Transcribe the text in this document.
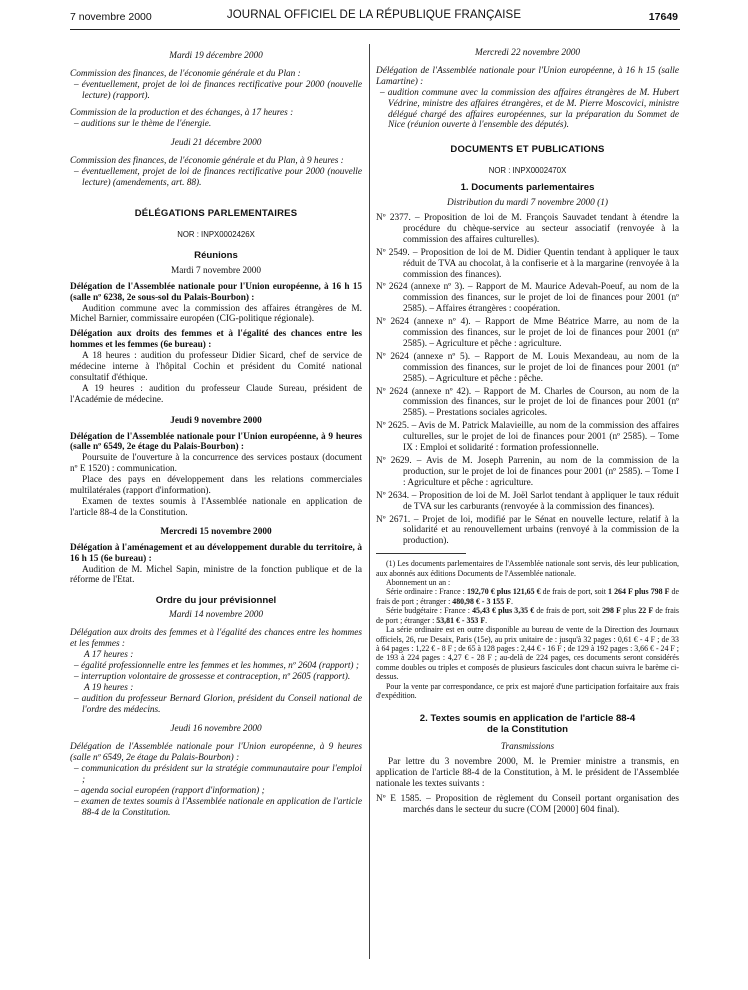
7 novembre 2000	JOURNAL OFFICIEL DE LA RÉPUBLIQUE FRANÇAISE	17649

Mardi 19 décembre 2000

Commission des finances, de l'économie générale et du Plan :

– éventuellement, projet de loi de finances rectificative pour 2000 (nouvelle lecture) (rapport).

Commission de la production et des échanges, à 17 heures :

– auditions sur le thème de l'énergie.

Jeudi 21 décembre 2000

Commission des finances, de l'économie générale et du Plan, à 9 heures :

– éventuellement, projet de loi de finances rectificative pour 2000 (nouvelle lecture) (amendements, art. 88).

DÉLÉGATIONS PARLEMENTAIRES

NOR : INPX0002426X

Réunions

Mardi 7 novembre 2000

Délégation de l'Assemblée nationale pour l'Union européenne, à 16 h 15 (salle nº 6238, 2e sous-sol du Palais-Bourbon) :

Audition commune avec la commission des affaires étrangères de M. Michel Barnier, commissaire européen (CIG-politique régionale).

Délégation aux droits des femmes et à l'égalité des chances entre les hommes et les femmes (6e bureau) :

A 18 heures : audition du professeur Didier Sicard, chef de service de médecine interne à l'hôpital Cochin et président du Comité national consultatif d'éthique.

A 19 heures : audition du professeur Claude Sureau, président de l'Académie de médecine.

Jeudi 9 novembre 2000

Délégation de l'Assemblée nationale pour l'Union européenne, à 9 heures (salle nº 6549, 2e étage du Palais-Bourbon) :

Poursuite de l'ouverture à la concurrence des services postaux (document nº E 1520) : communication.

Place des pays en développement dans les relations commerciales multilatérales (rapport d'information).

Examen de textes soumis à l'Assemblée nationale en application de l'article 88-4 de la Constitution.

Mercredi 15 novembre 2000

Délégation à l'aménagement et au développement durable du territoire, à 16 h 15 (6e bureau) :

Audition de M. Michel Sapin, ministre de la fonction publique et de la réforme de l'Etat.

Ordre du jour prévisionnel

Mardi 14 novembre 2000

Délégation aux droits des femmes et à l'égalité des chances entre les hommes et les femmes :

A 17 heures :

– égalité professionnelle entre les femmes et les hommes, nº 2604 (rapport) ;

– interruption volontaire de grossesse et contraception, nº 2605 (rapport).

A 19 heures :

– audition du professeur Bernard Glorion, président du Conseil national de l'ordre des médecins.

Jeudi 16 novembre 2000

Délégation de l'Assemblée nationale pour l'Union européenne, à 9 heures (salle nº 6549, 2e étage du Palais-Bourbon) :

– communication du président sur la stratégie communautaire pour l'emploi ;

– agenda social européen (rapport d'information) ;

– examen de textes soumis à l'Assemblée nationale en application de l'article 88-4 de la Constitution.

Mercredi 22 novembre 2000

Délégation de l'Assemblée nationale pour l'Union européenne, à 16 h 15 (salle Lamartine) :

– audition commune avec la commission des affaires étrangères de M. Hubert Védrine, ministre des affaires étrangères, et de M. Pierre Moscovici, ministre délégué chargé des affaires européennes, sur la préparation du Sommet de Nice (réunion ouverte à l'ensemble des députés).

DOCUMENTS ET PUBLICATIONS

NOR : INPX0002470X

1. Documents parlementaires

Distribution du mardi 7 novembre 2000 (1)

Nº 2377. – Proposition de loi de M. François Sauvadet tendant à étendre la procédure du chèque-service au secteur associatif (renvoyée à la commission des affaires culturelles).

Nº 2549. – Proposition de loi de M. Didier Quentin tendant à appliquer le taux réduit de TVA au chocolat, à la confiserie et à la margarine (renvoyée à la commission des finances).

Nº 2624 (annexe nº 3). – Rapport de M. Maurice Adevah-Poeuf, au nom de la commission des finances, sur le projet de loi de finances pour 2001 (nº 2585). – Affaires étrangères : coopération.

Nº 2624 (annexe nº 4). – Rapport de Mme Béatrice Marre, au nom de la commission des finances, sur le projet de loi de finances pour 2001 (nº 2585). – Agriculture et pêche : agriculture.

Nº 2624 (annexe nº 5). – Rapport de M. Louis Mexandeau, au nom de la commission des finances, sur le projet de loi de finances pour 2001 (nº 2585). – Agriculture et pêche : pêche.

Nº 2624 (annexe nº 42). – Rapport de M. Charles de Courson, au nom de la commission des finances, sur le projet de loi de finances pour 2001 (nº 2585). – Prestations sociales agricoles.

Nº 2625. – Avis de M. Patrick Malavieille, au nom de la commission des affaires culturelles, sur le projet de loi de finances pour 2001 (nº 2585). – Tome IX : Emploi et solidarité : formation professionnelle.

Nº 2629. – Avis de M. Joseph Parrenin, au nom de la commission de la production, sur le projet de loi de finances pour 2001 (nº 2585). – Tome I : Agriculture et pêche : agriculture.

Nº 2634. – Proposition de loi de M. Joël Sarlot tendant à appliquer le taux réduit de TVA sur les carburants (renvoyée à la commission des finances).

Nº 2671. – Projet de loi, modifié par le Sénat en nouvelle lecture, relatif à la solidarité et au renouvellement urbains (renvoyé à la commission de la production).

(1) Les documents parlementaires de l'Assemblée nationale sont servis, dès leur publication, aux abonnés aux éditions Documents de l'Assemblée nationale.

Abonnement un an :

Série ordinaire : France : 192,70 € plus 121,65 € de frais de port, soit 1 264 F plus 798 F de frais de port ; étranger : 480,98 € - 3 155 F.

Série budgétaire : France : 45,43 € plus 3,35 € de frais de port, soit 298 F plus 22 F de frais de port ; étranger : 53,81 € - 353 F.

La série ordinaire est en outre disponible au bureau de vente de la Direction des Journaux officiels, 26, rue Desaix, Paris (15e), au prix unitaire de : jusqu'à 32 pages : 0,61 € - 4 F ; de 33 à 64 pages : 1,22 € - 8 F ; de 65 à 128 pages : 2,44 € - 16 F ; de 129 à 192 pages : 3,66 € - 24 F ; de 193 à 224 pages : 4,27 € - 28 F ; au-delà de 224 pages, ces documents seront considérés comme doubles ou triples et composés de plusieurs fascicules dont chacun suivra le barème ci-dessus.

Pour la vente par correspondance, ce prix est majoré d'une participation forfaitaire aux frais d'expédition.

2. Textes soumis en application de l'article 88-4

de la Constitution

Transmissions

Par lettre du 3 novembre 2000, M. le Premier ministre a transmis, en application de l'article 88-4 de la Constitution, à M. le président de l'Assemblée nationale les textes suivants :

Nº E 1585. – Proposition de règlement du Conseil portant organisation des marchés dans le secteur du sucre (COM [2000] 604 final).
